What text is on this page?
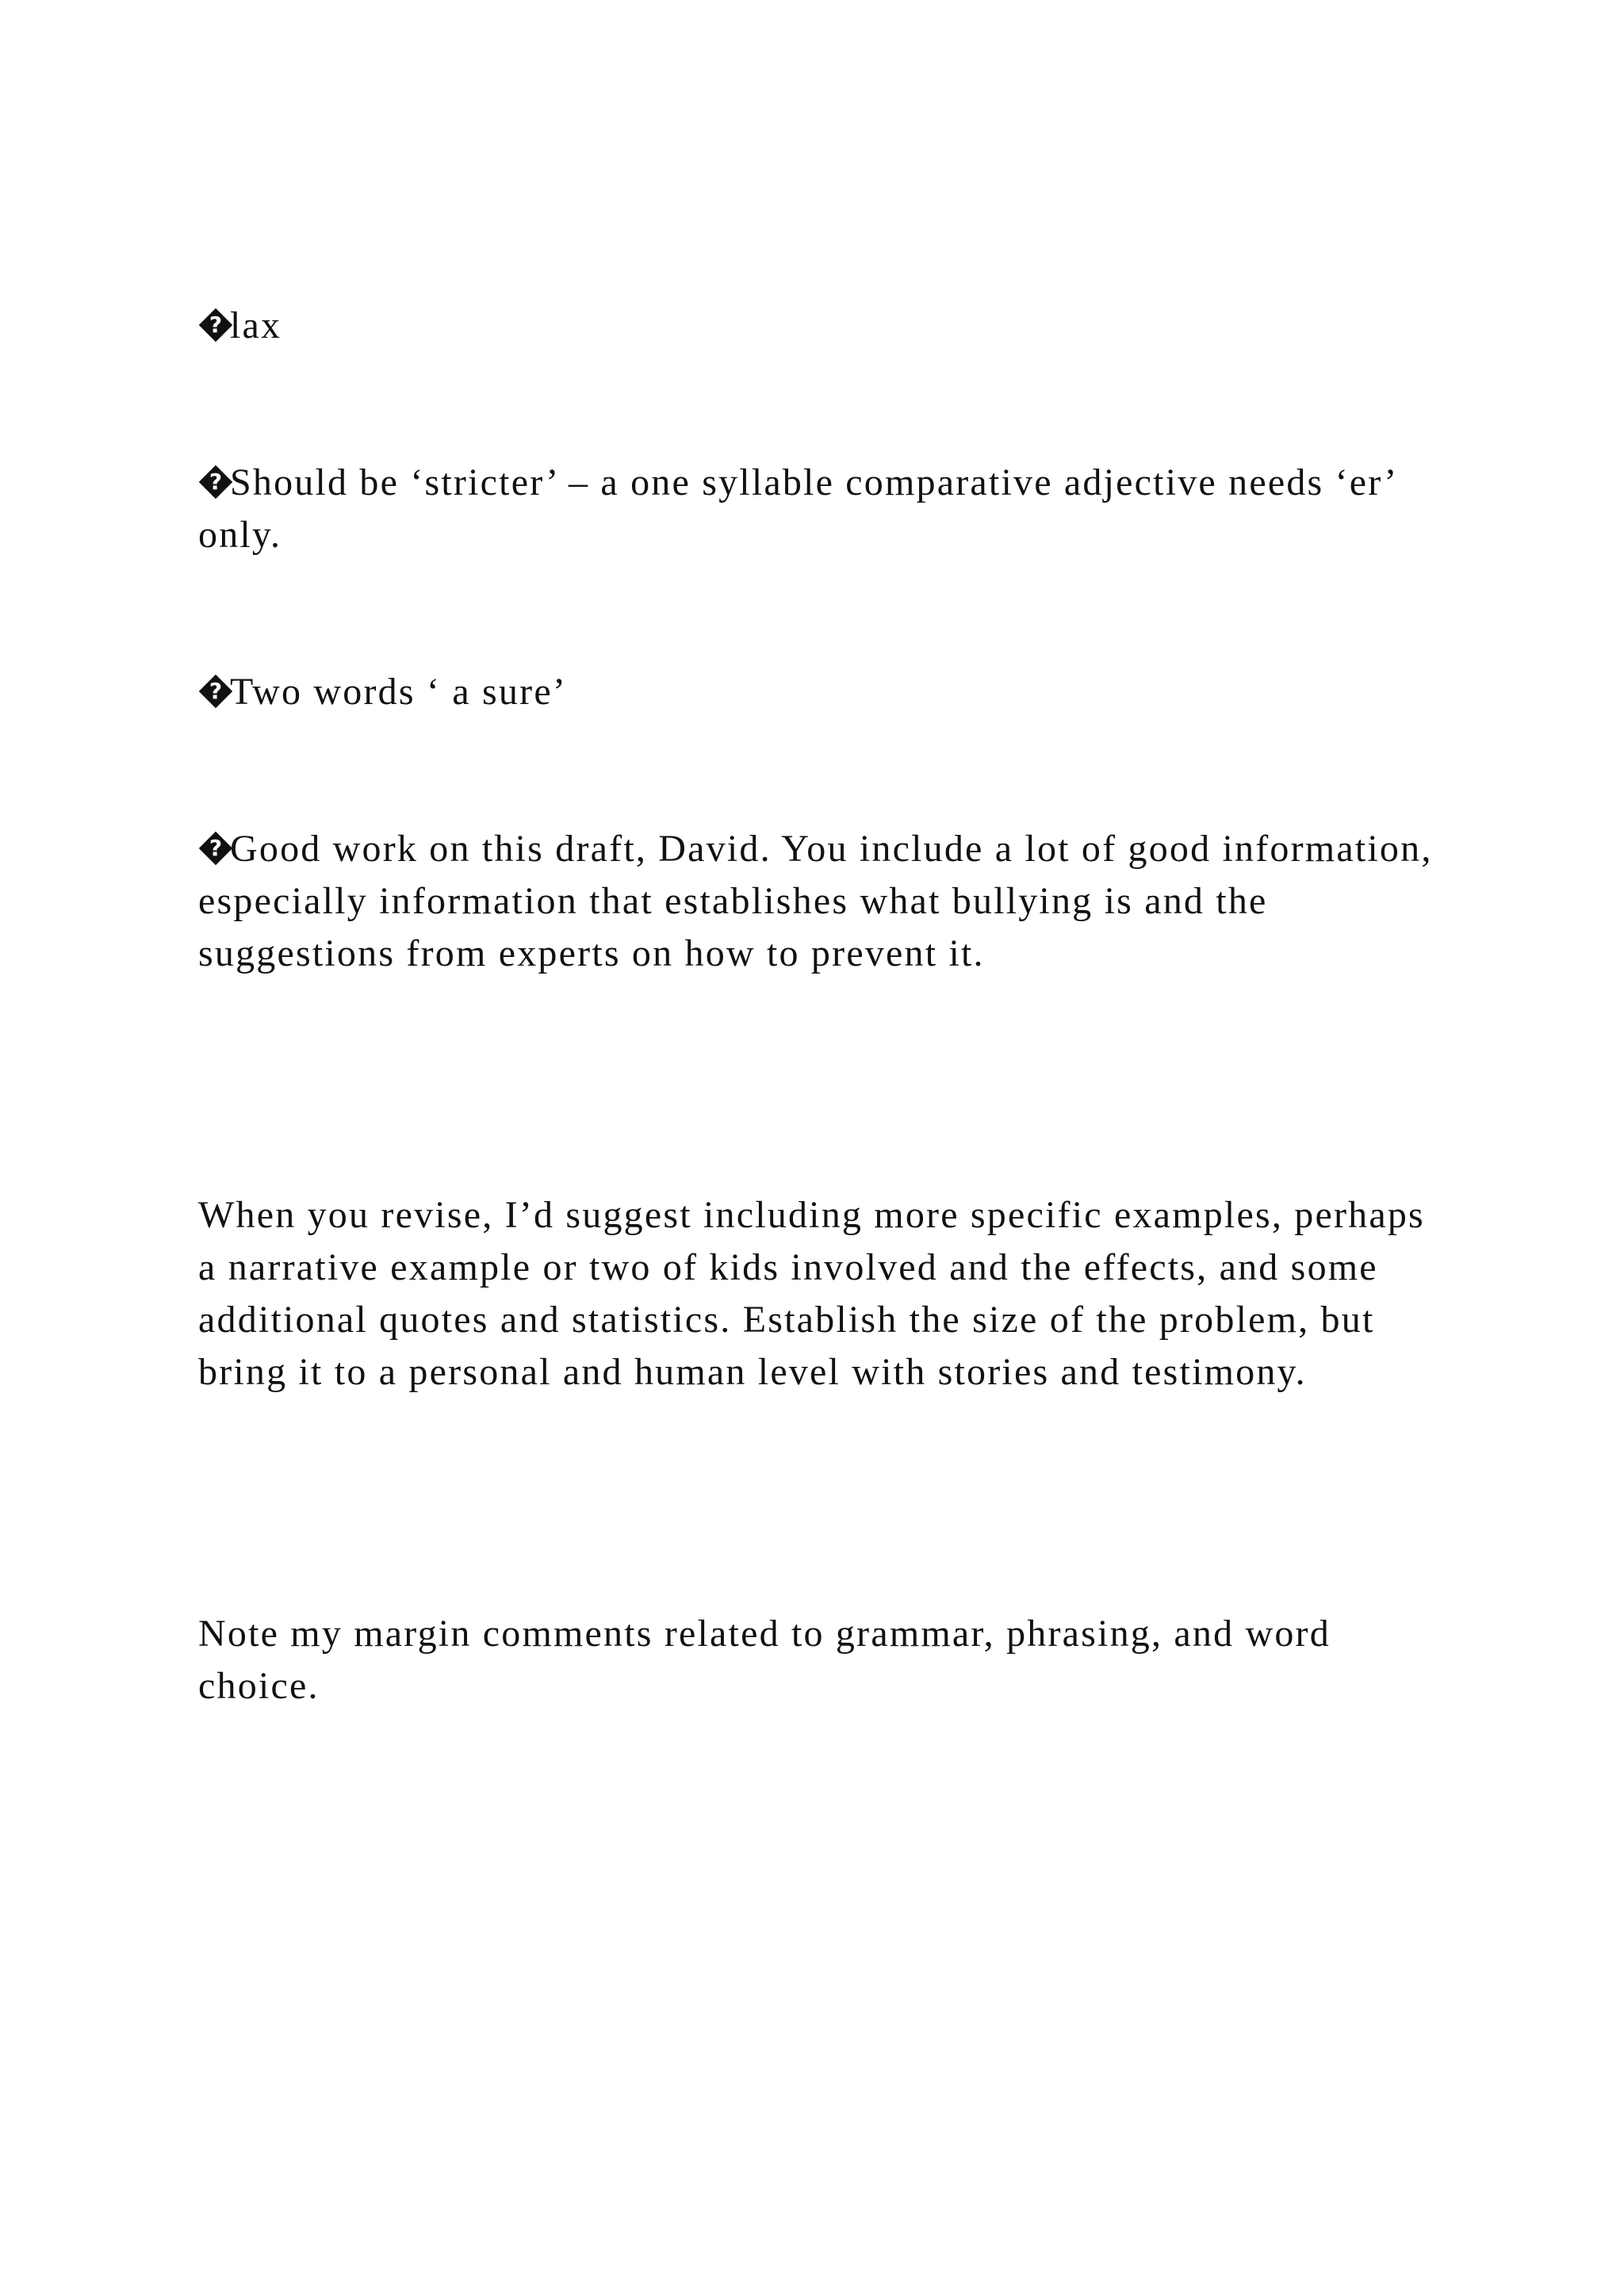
?lax

?Should be ‘stricter’ – a one syllable comparative adjective needs ‘er’ only.

?Two words ‘ a sure’

?Good work on this draft, David. You include a lot of good information, especially information that establishes what bullying is and the suggestions from experts on how to prevent it.

When you revise, I’d suggest including more specific examples, perhaps a narrative example or two of kids involved and the effects, and some additional quotes and statistics. Establish the size of the problem, but bring it to a personal and human level with stories and testimony.

Note my margin comments related to grammar, phrasing, and word choice.
